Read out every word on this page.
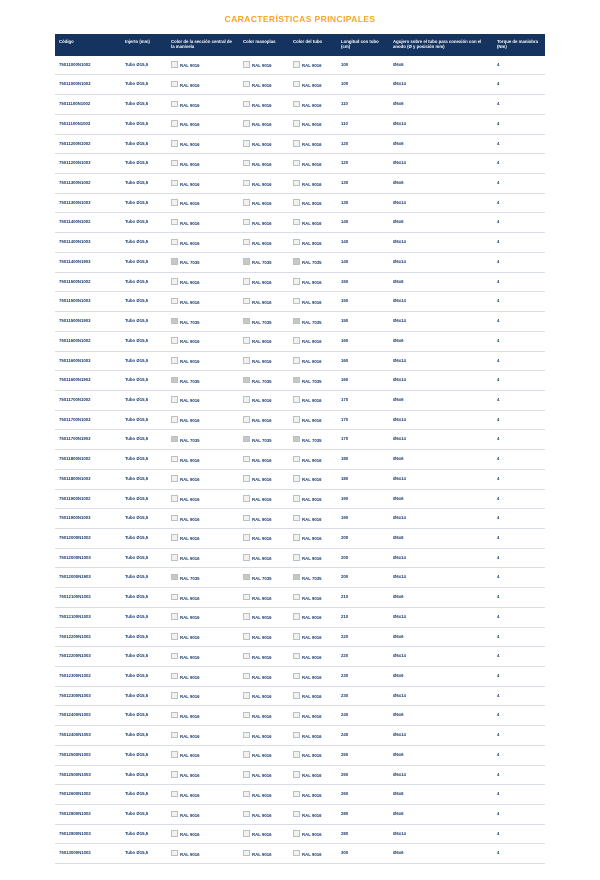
CARACTERÍSTICAS PRINCIPALES
Código	Injerto (mm)	Color de la sección central de la manivela	Color manoplas	Color del tubo	Longitud con tubo (cm)	Agujero sobre el tubo para conexión con el anodo (Ø y posición mm)	Torque de maniobra (Nm)
75011000N1002	Tubo Ø15,5	RAL 9016	RAL 9016	RAL 9016	100	Ø6x6	4
75011000N1003	Tubo Ø15,5	RAL 9016	RAL 9016	RAL 9016	100	Ø6x14	4
75011100N1002	Tubo Ø15,5	RAL 9016	RAL 9016	RAL 9016	110	Ø6x6	4
75011100N1003	Tubo Ø15,5	RAL 9016	RAL 9016	RAL 9016	110	Ø6x14	4
75011200N1002	Tubo Ø15,5	RAL 9016	RAL 9016	RAL 9016	120	Ø6x6	4
75011200N1003	Tubo Ø15,5	RAL 9016	RAL 9016	RAL 9016	120	Ø6x14	4
75011300N1002	Tubo Ø15,5	RAL 9016	RAL 9016	RAL 9016	130	Ø6x6	4
75011300N1003	Tubo Ø15,5	RAL 9016	RAL 9016	RAL 9016	130	Ø6x14	4
75011400N1002	Tubo Ø15,5	RAL 9016	RAL 9016	RAL 9016	140	Ø6x6	4
75011400N1003	Tubo Ø15,5	RAL 9016	RAL 9016	RAL 9016	140	Ø6x14	4
75011400N1903	Tubo Ø15,5	RAL 7035	RAL 7035	RAL 7035	140	Ø6x14	4
75011500N1002	Tubo Ø15,5	RAL 9016	RAL 9016	RAL 9016	150	Ø6x6	4
75011500N1003	Tubo Ø15,5	RAL 9016	RAL 9016	RAL 9016	150	Ø6x14	4
75011500N1903	Tubo Ø15,5	RAL 7035	RAL 7035	RAL 7035	150	Ø6x14	4
75011600N1002	Tubo Ø15,5	RAL 9016	RAL 9016	RAL 9016	160	Ø6x6	4
75011600N1003	Tubo Ø15,5	RAL 9016	RAL 9016	RAL 9016	160	Ø6x14	4
75011600N1903	Tubo Ø15,5	RAL 7035	RAL 7035	RAL 7035	160	Ø6x14	4
75011700N1002	Tubo Ø15,5	RAL 9016	RAL 9016	RAL 9016	170	Ø6x6	4
75011700N1003	Tubo Ø15,5	RAL 9016	RAL 9016	RAL 9016	170	Ø6x14	4
75011700N1903	Tubo Ø15,5	RAL 7035	RAL 7035	RAL 7035	170	Ø6x14	4
75011800N1002	Tubo Ø15,5	RAL 9016	RAL 9016	RAL 9016	180	Ø6x6	4
75011800N1003	Tubo Ø15,5	RAL 9016	RAL 9016	RAL 9016	180	Ø6x14	4
75011900N1002	Tubo Ø15,5	RAL 9016	RAL 9016	RAL 9016	190	Ø6x6	4
75011900N1003	Tubo Ø15,5	RAL 9016	RAL 9016	RAL 9016	190	Ø6x14	4
75012000N1002	Tubo Ø15,5	RAL 9016	RAL 9016	RAL 9016	200	Ø6x6	4
75012000N1003	Tubo Ø15,5	RAL 9016	RAL 9016	RAL 9016	200	Ø6x14	4
75012000N1903	Tubo Ø15,5	RAL 7035	RAL 7035	RAL 7035	200	Ø6x14	4
75012100N1002	Tubo Ø15,5	RAL 9016	RAL 9016	RAL 9016	210	Ø6x6	4
75012100N1003	Tubo Ø15,5	RAL 9016	RAL 9016	RAL 9016	210	Ø6x14	4
75012200N1002	Tubo Ø15,5	RAL 9016	RAL 9016	RAL 9016	220	Ø6x6	4
75012200N1003	Tubo Ø15,5	RAL 9016	RAL 9016	RAL 9016	220	Ø6x14	4
75012300N1002	Tubo Ø15,5	RAL 9016	RAL 9016	RAL 9016	230	Ø6x6	4
75012300N1003	Tubo Ø15,5	RAL 9016	RAL 9016	RAL 9016	230	Ø6x14	4
75012400N1002	Tubo Ø15,5	RAL 9016	RAL 9016	RAL 9016	240	Ø6x6	4
75012400N1003	Tubo Ø15,5	RAL 9016	RAL 9016	RAL 9016	240	Ø6x14	4
75012500N1002	Tubo Ø15,5	RAL 9016	RAL 9016	RAL 9016	250	Ø6x6	4
75012500N1003	Tubo Ø15,5	RAL 9016	RAL 9016	RAL 9016	250	Ø6x14	4
75012600N1002	Tubo Ø15,5	RAL 9016	RAL 9016	RAL 9016	260	Ø6x6	4
75012800N1002	Tubo Ø15,5	RAL 9016	RAL 9016	RAL 9016	280	Ø6x6	4
75012800N1003	Tubo Ø15,5	RAL 9016	RAL 9016	RAL 9016	280	Ø6x14	4
75013000N1002	Tubo Ø15,5	RAL 9016	RAL 9016	RAL 9016	300	Ø6x6	4
